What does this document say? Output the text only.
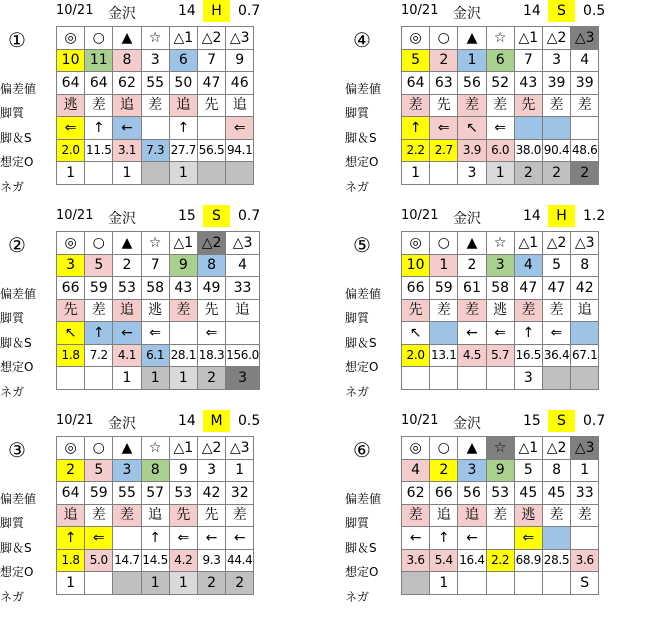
10/21 金沢	14	H	0.7
①
偏差値
脚質
脚＆S
想定O
ネガ
◎	○	▲	☆	△1	△2	△3
10	11	8	3	6	7	9
64	64	62	55	50	47	46
逃	差	追	差	追	先	追
⇐	↑	←		↑		⇐
2.0	11.5	3.1	7.3	27.7	56.5	94.1
1		1		1		
10/21 金沢	14	S	0.5
④
偏差値
脚質
脚＆S
想定O
ネガ
◎	○	▲	☆	△1	△2	△3
5	2	1	6	7	3	4
64	63	56	52	43	39	39
差	先	差	差	先	差	差
↑	⇐	↖	⇐			
2.2	2.7	3.9	6.0	38.0	90.4	48.6
1		3	1	2	2	2
10/21 金沢	15	S	0.7
②
偏差値
脚質
脚＆S
想定O
ネガ
◎	○	▲	☆	△1	△2	△3
3	5	2	7	9	8	4
66	59	53	58	43	49	33
先	差	追	逃	差	先	追
↖	↑	←	⇐		⇐	
1.8	7.2	4.1	6.1	28.1	18.3	156.0
		1	1	1	2	3
10/21 金沢	14	H	1.2
⑤
偏差値
脚質
脚＆S
想定O
ネガ
◎	○	▲	☆	△1	△2	△3
10	1	2	3	4	5	8
66	59	61	58	47	47	42
先	差	差	逃	差	差	追
↖		←	⇐	↑	⇐	
2.0	13.1	4.5	5.7	16.5	36.4	67.1
				3		
10/21 金沢	14	M	0.5
③
偏差値
脚質
脚＆S
想定O
ネガ
◎	○	▲	☆	△1	△2	△3
2	5	3	8	9	3	1
64	59	55	57	53	42	32
追	差	差	追	先	先	差
↑	⇐		↑	⇐	←	←
1.8	5.0	14.7	14.5	4.2	9.3	44.4
1			1	1	2	2
10/21 金沢	15	S	0.7
⑥
偏差値
脚質
脚＆S
想定O
ネガ
◎	○	▲	☆	△1	△2	△3
4	2	3	9	5	8	1
62	66	56	53	45	45	33
差	追	追	差	逃	差	差
←	↑	←		⇐		
3.6	5.4	16.4	2.2	68.9	28.5	3.6
	1					S
